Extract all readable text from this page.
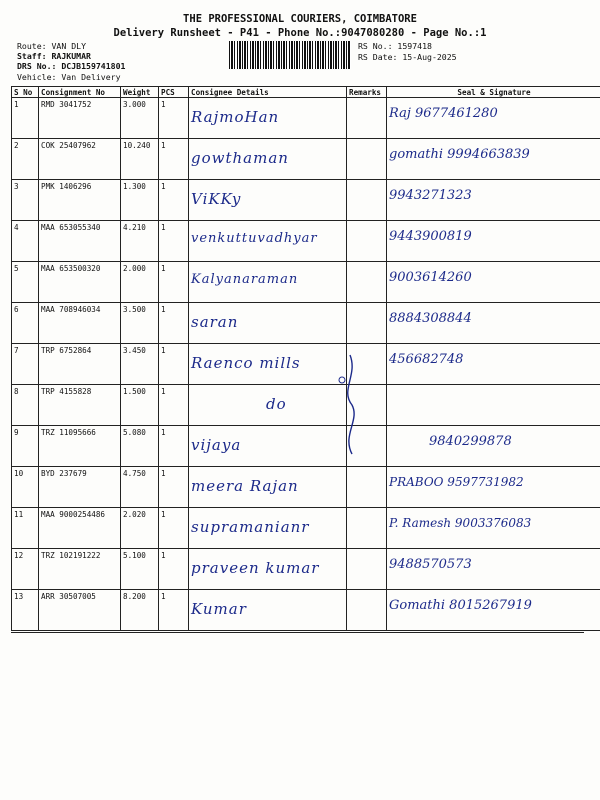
THE PROFESSIONAL COURIERS, COIMBATORE
Delivery Runsheet - P41 - Phone No.:9047080280 - Page No.:1
Route: VAN DLY
Staff: RAJKUMAR
DRS No.: DCJB159741801
Vehicle: Van Delivery
RS No.: 1597418
RS Date: 15-Aug-2025
S No	Consignment No	Weight	PCS	Consignee Details	Remarks	Seal & Signature
1	RMD 3041752	3.000	1	RajmoHan		Raj 9677461280

2	COK 25407962	10.240	1	gowthaman		gomathi 9994663839

3	PMK 1406296	1.300	1	ViKKy		9943271323

4	MAA 653055340	4.210	1	venkuttuvadhyar		9443900819

5	MAA 653500320	2.000	1	Kalyanaraman		9003614260

6	MAA 708946034	3.500	1	saran		8884308844

7	TRP 6752864	3.450	1	Raenco mills		456682748

8	TRP 4155828	1.500	1	do		

9	TRZ 11095666	5.080	1	vijaya		9840299878

10	BYD 237679	4.750	1	meera Rajan		PRABOO 9597731982

11	MAA 9000254486	2.020	1	supramanianr		P. Ramesh 9003376083

12	TRZ 102191222	5.100	1	praveen kumar		9488570573

13	ARR 30507005	8.200	1	Kumar		Gomathi 8015267919
